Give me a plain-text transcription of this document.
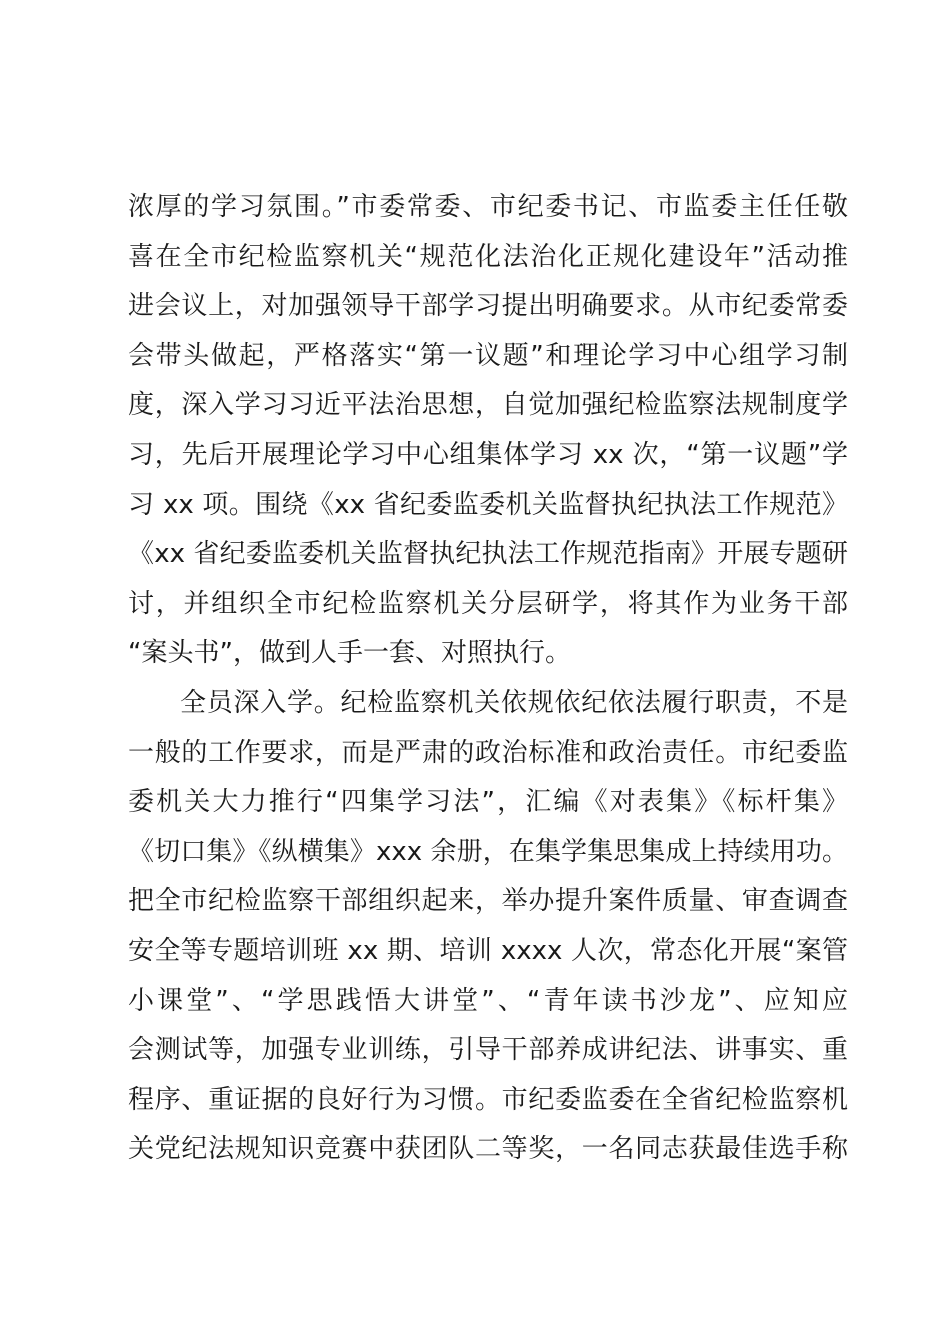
浓厚的学习氛围。”市委常委、市纪委书记、市监委主任任敬
喜在全市纪检监察机关“规范化法治化正规化建设年”活动推
进会议上，对加强领导干部学习提出明确要求。从市纪委常委
会带头做起，严格落实“第一议题”和理论学习中心组学习制
度，深入学习习近平法治思想，自觉加强纪检监察法规制度学
习，先后开展理论学习中心组集体学习 xx 次，“第一议题”学
习 xx 项。围绕《xx 省纪委监委机关监督执纪执法工作规范》
《xx 省纪委监委机关监督执纪执法工作规范指南》开展专题研
讨，并组织全市纪检监察机关分层研学，将其作为业务干部
“案头书”，做到人手一套、对照执行。
全员深入学。纪检监察机关依规依纪依法履行职责，不是
一般的工作要求，而是严肃的政治标准和政治责任。市纪委监
委机关大力推行“四集学习法”，汇编《对表集》《标杆集》
《切口集》《纵横集》xxx 余册，在集学集思集成上持续用功。
把全市纪检监察干部组织起来，举办提升案件质量、审查调查
安全等专题培训班 xx 期、培训 xxxx 人次，常态化开展“案管
小课堂”、“学思践悟大讲堂”、“青年读书沙龙”、应知应
会测试等，加强专业训练，引导干部养成讲纪法、讲事实、重
程序、重证据的良好行为习惯。市纪委监委在全省纪检监察机
关党纪法规知识竞赛中获团队二等奖，一名同志获最佳选手称
